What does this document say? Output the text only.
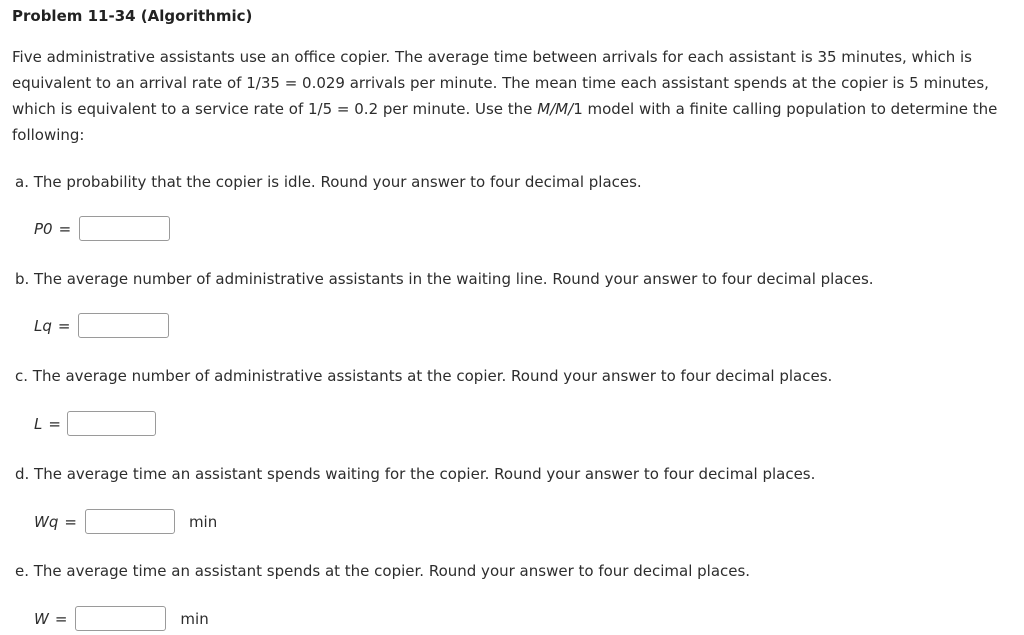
Problem 11-34 (Algorithmic)
Five administrative assistants use an office copier. The average time between arrivals for each assistant is 35 minutes, which is equivalent to an arrival rate of 1/35 = 0.029 arrivals per minute. The mean time each assistant spends at the copier is 5 minutes, which is equivalent to a service rate of 1/5 = 0.2 per minute. Use the M/M/1 model with a finite calling population to determine the following:
a. The probability that the copier is idle. Round your answer to four decimal places.
P0 =
b. The average number of administrative assistants in the waiting line. Round your answer to four decimal places.
Lq =
c. The average number of administrative assistants at the copier. Round your answer to four decimal places.
L =
d. The average time an assistant spends waiting for the copier. Round your answer to four decimal places.
Wq =	min
e. The average time an assistant spends at the copier. Round your answer to four decimal places.
W =	min
